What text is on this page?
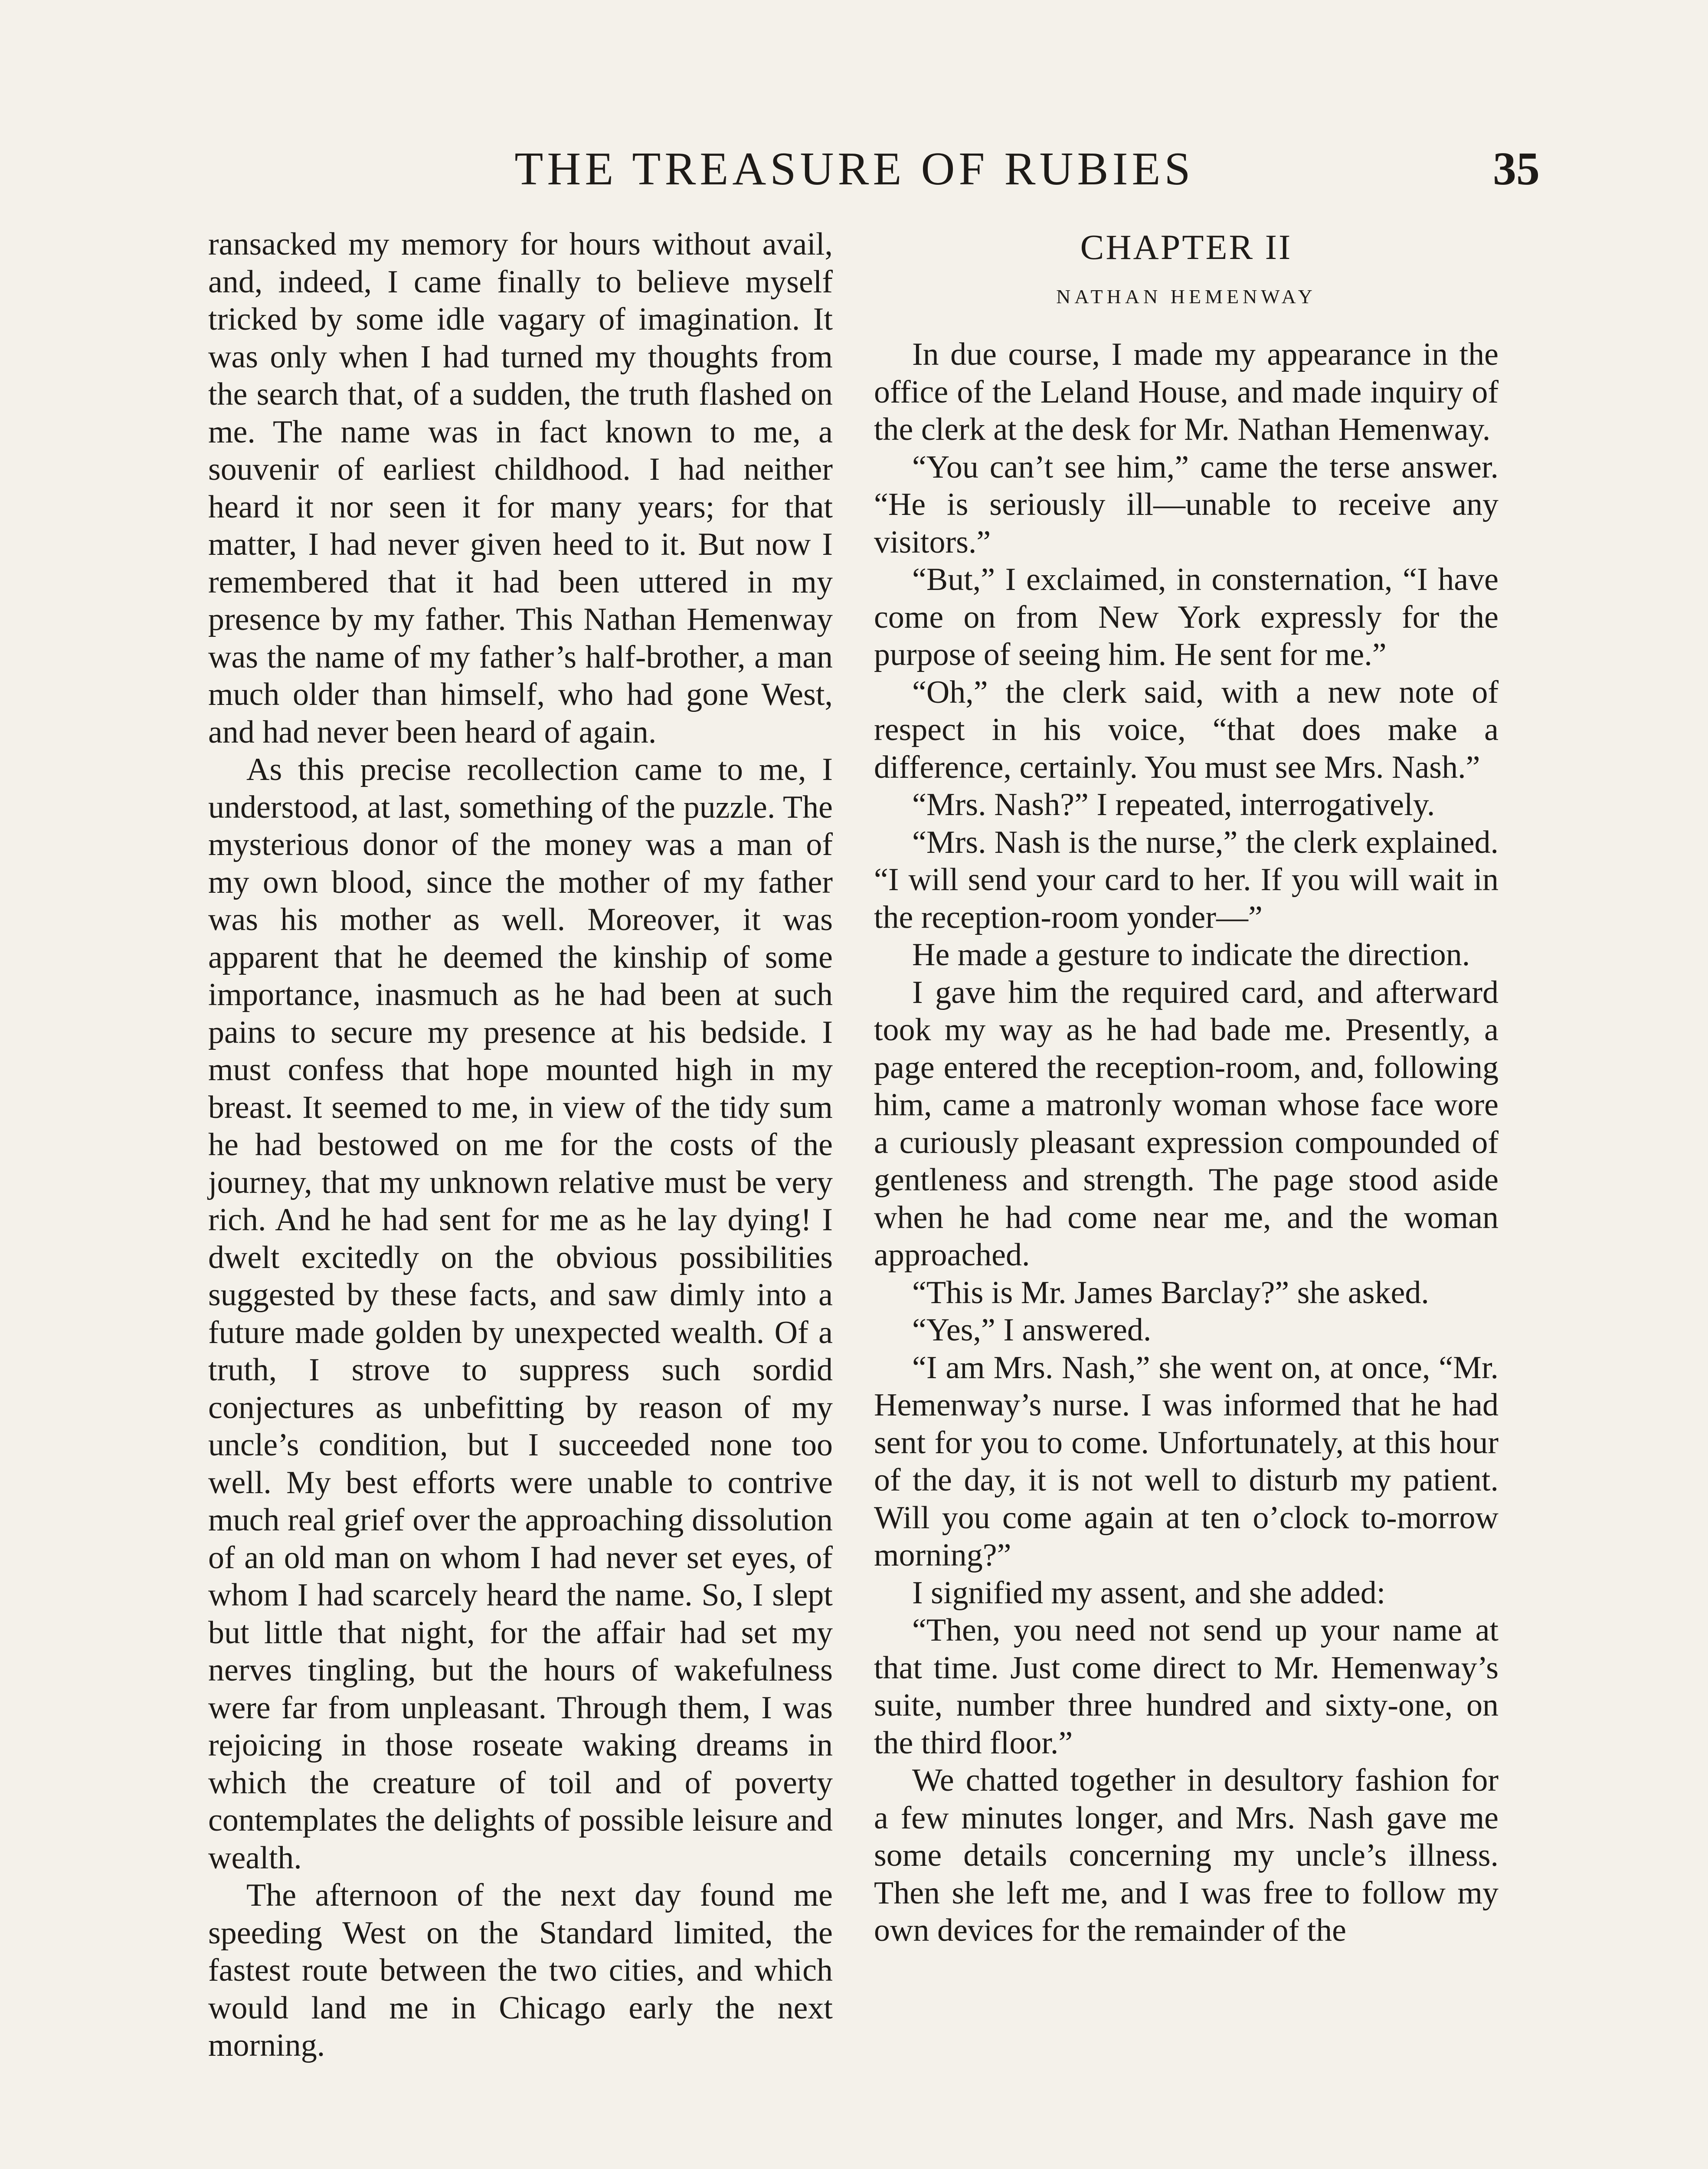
THE TREASURE OF RUBIES	35

ransacked my memory for hours without avail, and, indeed, I came finally to believe myself tricked by some idle vagary of imagination. It was only when I had turned my thoughts from the search that, of a sudden, the truth flashed on me. The name was in fact known to me, a souvenir of earliest childhood. I had neither heard it nor seen it for many years; for that matter, I had never given heed to it. But now I remembered that it had been uttered in my presence by my father. This Nathan Hemenway was the name of my father’s half-brother, a man much older than himself, who had gone West, and had never been heard of again.

As this precise recollection came to me, I understood, at last, something of the puzzle. The mysterious donor of the money was a man of my own blood, since the mother of my father was his mother as well. Moreover, it was apparent that he deemed the kinship of some importance, inasmuch as he had been at such pains to secure my presence at his bedside. I must confess that hope mounted high in my breast. It seemed to me, in view of the tidy sum he had bestowed on me for the costs of the journey, that my unknown relative must be very rich. And he had sent for me as he lay dying! I dwelt excitedly on the obvious possibilities suggested by these facts, and saw dimly into a future made golden by unexpected wealth. Of a truth, I strove to suppress such sordid conjectures as unbefitting by reason of my uncle’s condition, but I succeeded none too well. My best efforts were unable to contrive much real grief over the approaching dissolution of an old man on whom I had never set eyes, of whom I had scarcely heard the name. So, I slept but little that night, for the affair had set my nerves tingling, but the hours of wakefulness were far from unpleasant. Through them, I was rejoicing in those roseate waking dreams in which the creature of toil and of poverty contemplates the delights of possible leisure and wealth.

The afternoon of the next day found me speeding West on the Standard limited, the fastest route between the two cities, and which would land me in Chicago early the next morning.

CHAPTER II
NATHAN HEMENWAY

In due course, I made my appearance in the office of the Leland House, and made inquiry of the clerk at the desk for Mr. Nathan Hemenway.

“You can’t see him,” came the terse answer. “He is seriously ill—unable to receive any visitors.”

“But,” I exclaimed, in consternation, “I have come on from New York expressly for the purpose of seeing him. He sent for me.”

“Oh,” the clerk said, with a new note of respect in his voice, “that does make a difference, certainly. You must see Mrs. Nash.”

“Mrs. Nash?” I repeated, interrogatively.

“Mrs. Nash is the nurse,” the clerk explained. “I will send your card to her. If you will wait in the reception-room yonder—”

He made a gesture to indicate the direction.

I gave him the required card, and afterward took my way as he had bade me. Presently, a page entered the reception-room, and, following him, came a matronly woman whose face wore a curiously pleasant expression compounded of gentleness and strength. The page stood aside when he had come near me, and the woman approached.

“This is Mr. James Barclay?” she asked.

“Yes,” I answered.

“I am Mrs. Nash,” she went on, at once, “Mr. Hemenway’s nurse. I was informed that he had sent for you to come. Unfortunately, at this hour of the day, it is not well to disturb my patient. Will you come again at ten o’clock to-morrow morning?”

I signified my assent, and she added:

“Then, you need not send up your name at that time. Just come direct to Mr. Hemenway’s suite, number three hundred and sixty-one, on the third floor.”

We chatted together in desultory fashion for a few minutes longer, and Mrs. Nash gave me some details concerning my uncle’s illness. Then she left me, and I was free to follow my own devices for the remainder of the
